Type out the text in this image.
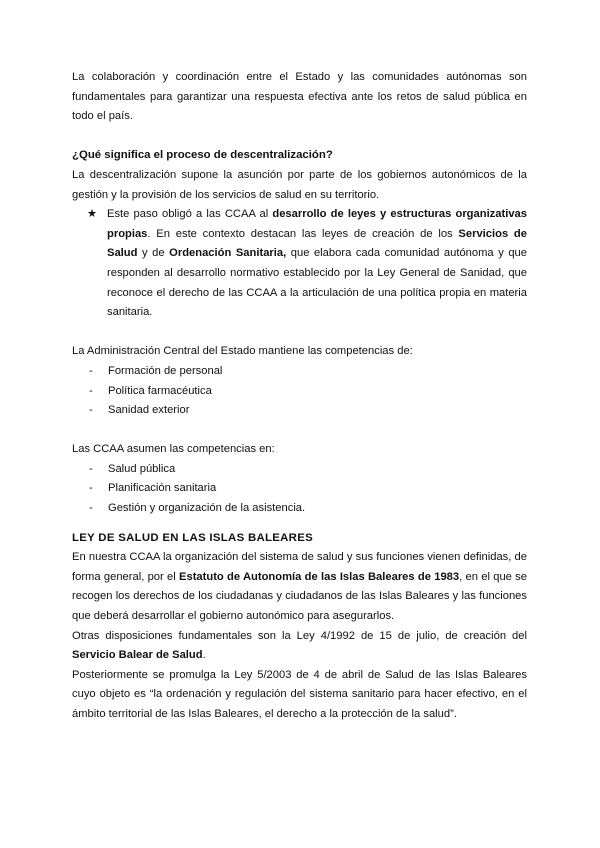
La colaboración y coordinación entre el Estado y las comunidades autónomas son fundamentales para garantizar una respuesta efectiva ante los retos de salud pública en todo el país.

¿Qué significa el proceso de descentralización?

La descentralización supone la asunción por parte de los gobiernos autonómicos de la gestión y la provisión de los servicios de salud en su territorio.

★ Este paso obligó a las CCAA al desarrollo de leyes y estructuras organizativas propias. En este contexto destacan las leyes de creación de los Servicios de Salud y de Ordenación Sanitaria, que elabora cada comunidad autónoma y que responden al desarrollo normativo establecido por la Ley General de Sanidad, que reconoce el derecho de las CCAA a la articulación de una política propia en materia sanitaria.

La Administración Central del Estado mantiene las competencias de:

- Formación de personal
- Política farmacéutica
- Sanidad exterior

Las CCAA asumen las competencias en:

- Salud pública
- Planificación sanitaria
- Gestión y organización de la asistencia.
LEY DE SALUD EN LAS ISLAS BALEARES

En nuestra CCAA la organización del sistema de salud y sus funciones vienen definidas, de forma general, por el Estatuto de Autonomía de las Islas Baleares de 1983, en el que se recogen los derechos de los ciudadanas y ciudadanos de las Islas Baleares y las funciones que deberá desarrollar el gobierno autonómico para asegurarlos.

Otras disposiciones fundamentales son la Ley 4/1992 de 15 de julio, de creación del Servicio Balear de Salud.

Posteriormente se promulga la Ley 5/2003 de 4 de abril de Salud de las Islas Baleares cuyo objeto es “la ordenación y regulación del sistema sanitario para hacer efectivo, en el ámbito territorial de las Islas Baleares, el derecho a la protección de la salud”.
